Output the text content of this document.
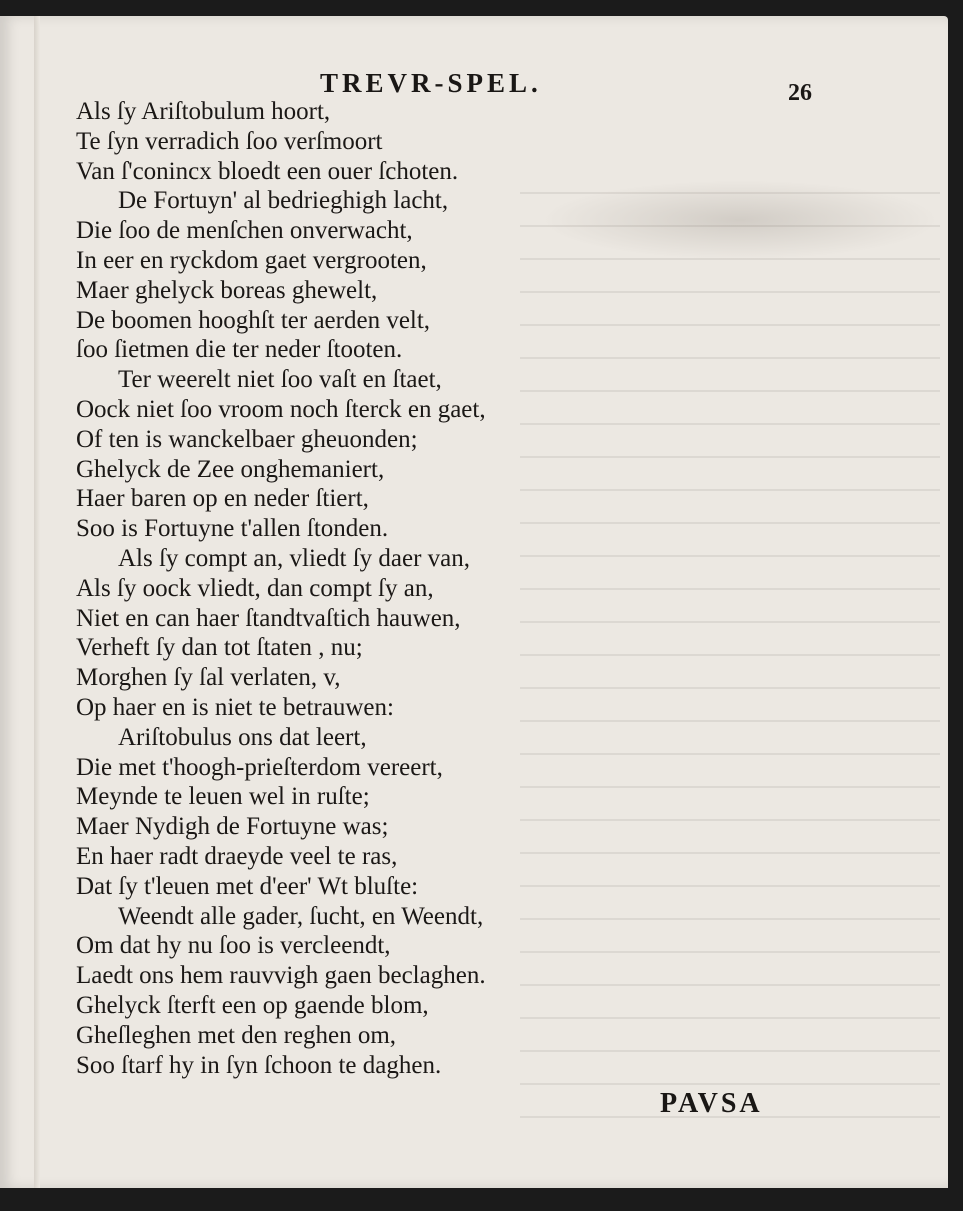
TREVR-SPEL.	26
Als ſy Ariſtobulum hoort,
Te ſyn verradich ſoo verſmoort
Van ſ'conincx bloedt een ouer ſchoten.
De Fortuyn' al bedrieghigh lacht,
Die ſoo de menſchen onverwacht,
In eer en ryckdom gaet vergrooten,
Maer ghelyck boreas ghewelt,
De boomen hooghſt ter aerden velt,
ſoo ſietmen die ter neder ſtooten.
Ter weerelt niet ſoo vaſt en ſtaet,
Oock niet ſoo vroom noch ſterck en gaet,
Of ten is wanckelbaer gheuonden;
Ghelyck de Zee onghemaniert,
Haer baren op en neder ſtiert,
Soo is Fortuyne t'allen ſtonden.
Als ſy compt an, vliedt ſy daer van,
Als ſy oock vliedt, dan compt ſy an,
Niet en can haer ſtandtvaſtich hauwen,
Verheft ſy dan tot ſtaten , nu;
Morghen ſy ſal verlaten, v,
Op haer en is niet te betrauwen:
Ariſtobulus ons dat leert,
Die met t'hoogh-prieſterdom vereert,
Meynde te leuen wel in ruſte;
Maer Nydigh de Fortuyne was;
En haer radt draeyde veel te ras,
Dat ſy t'leuen met d'eer' Wt bluſte:
Weendt alle gader, ſucht, en Weendt,
Om dat hy nu ſoo is vercleendt,
Laedt ons hem rauvvigh gaen beclaghen.
Ghelyck ſterft een op gaende blom,
Gheſleghen met den reghen om,
Soo ſtarf hy in ſyn ſchoon te daghen.
PAVSA
